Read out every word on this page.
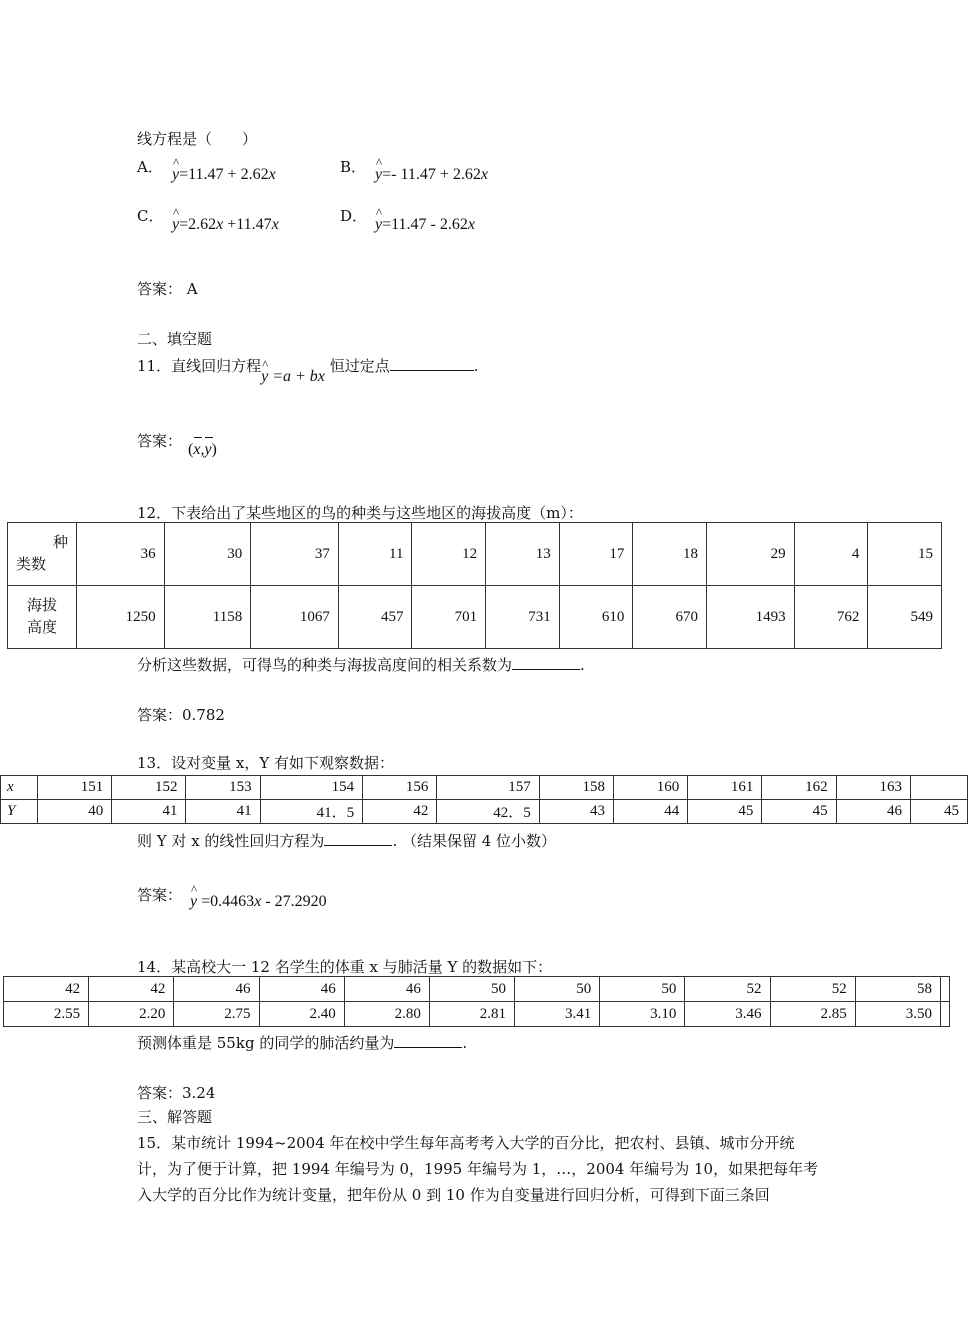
线方程是（　　）
A． ^ y=11.47 + 2.62x	B． ^ y=- 11.47 + 2.62x
C． ^ y=2.62x +11.47x	D． ^ y=11.47 - 2.62x
答案： A
二、填空题
11．直线回归方程^ y =a + bx 恒过定点	.
答案： (x,y)
12．下表给出了某些地区的鸟的种类与这些地区的海拔高度（m）：
种
类数	36	30	37	11	12	13	17	18	29	4	15

海拔
高度	1250	1158	1067	457	701	731	610	670	1493	762	549
分析这些数据，可得鸟的种类与海拔高度间的相关系数为	.
答案：0.782
13．设对变量 x，Y 有如下观察数据：
x	151	152	153	154	156	157	158	160	161	162	163	
Y	40	41	41	41．5	42	42．5	43	44	45	45	46	45
则 Y 对 x 的线性回归方程为	. （结果保留 4 位小数）
答案： ^ y =0.4463x - 27.2920
14．某高校大一 12 名学生的体重 x 与肺活量 Y 的数据如下：
42	42	46	46	46	50	50	50	52	52	58	
2.55	2.20	2.75	2.40	2.80	2.81	3.41	3.10	3.46	2.85	3.50	
预测体重是 55kg 的同学的肺活约量为	.
答案：3.24
三、解答题
15．某市统计 1994~2004 年在校中学生每年高考考入大学的百分比，把农村、县镇、城市分开统
计，为了便于计算，把 1994 年编号为 0，1995 年编号为 1，…，2004 年编号为 10，如果把每年考
入大学的百分比作为统计变量，把年份从 0 到 10 作为自变量进行回归分析，可得到下面三条回
